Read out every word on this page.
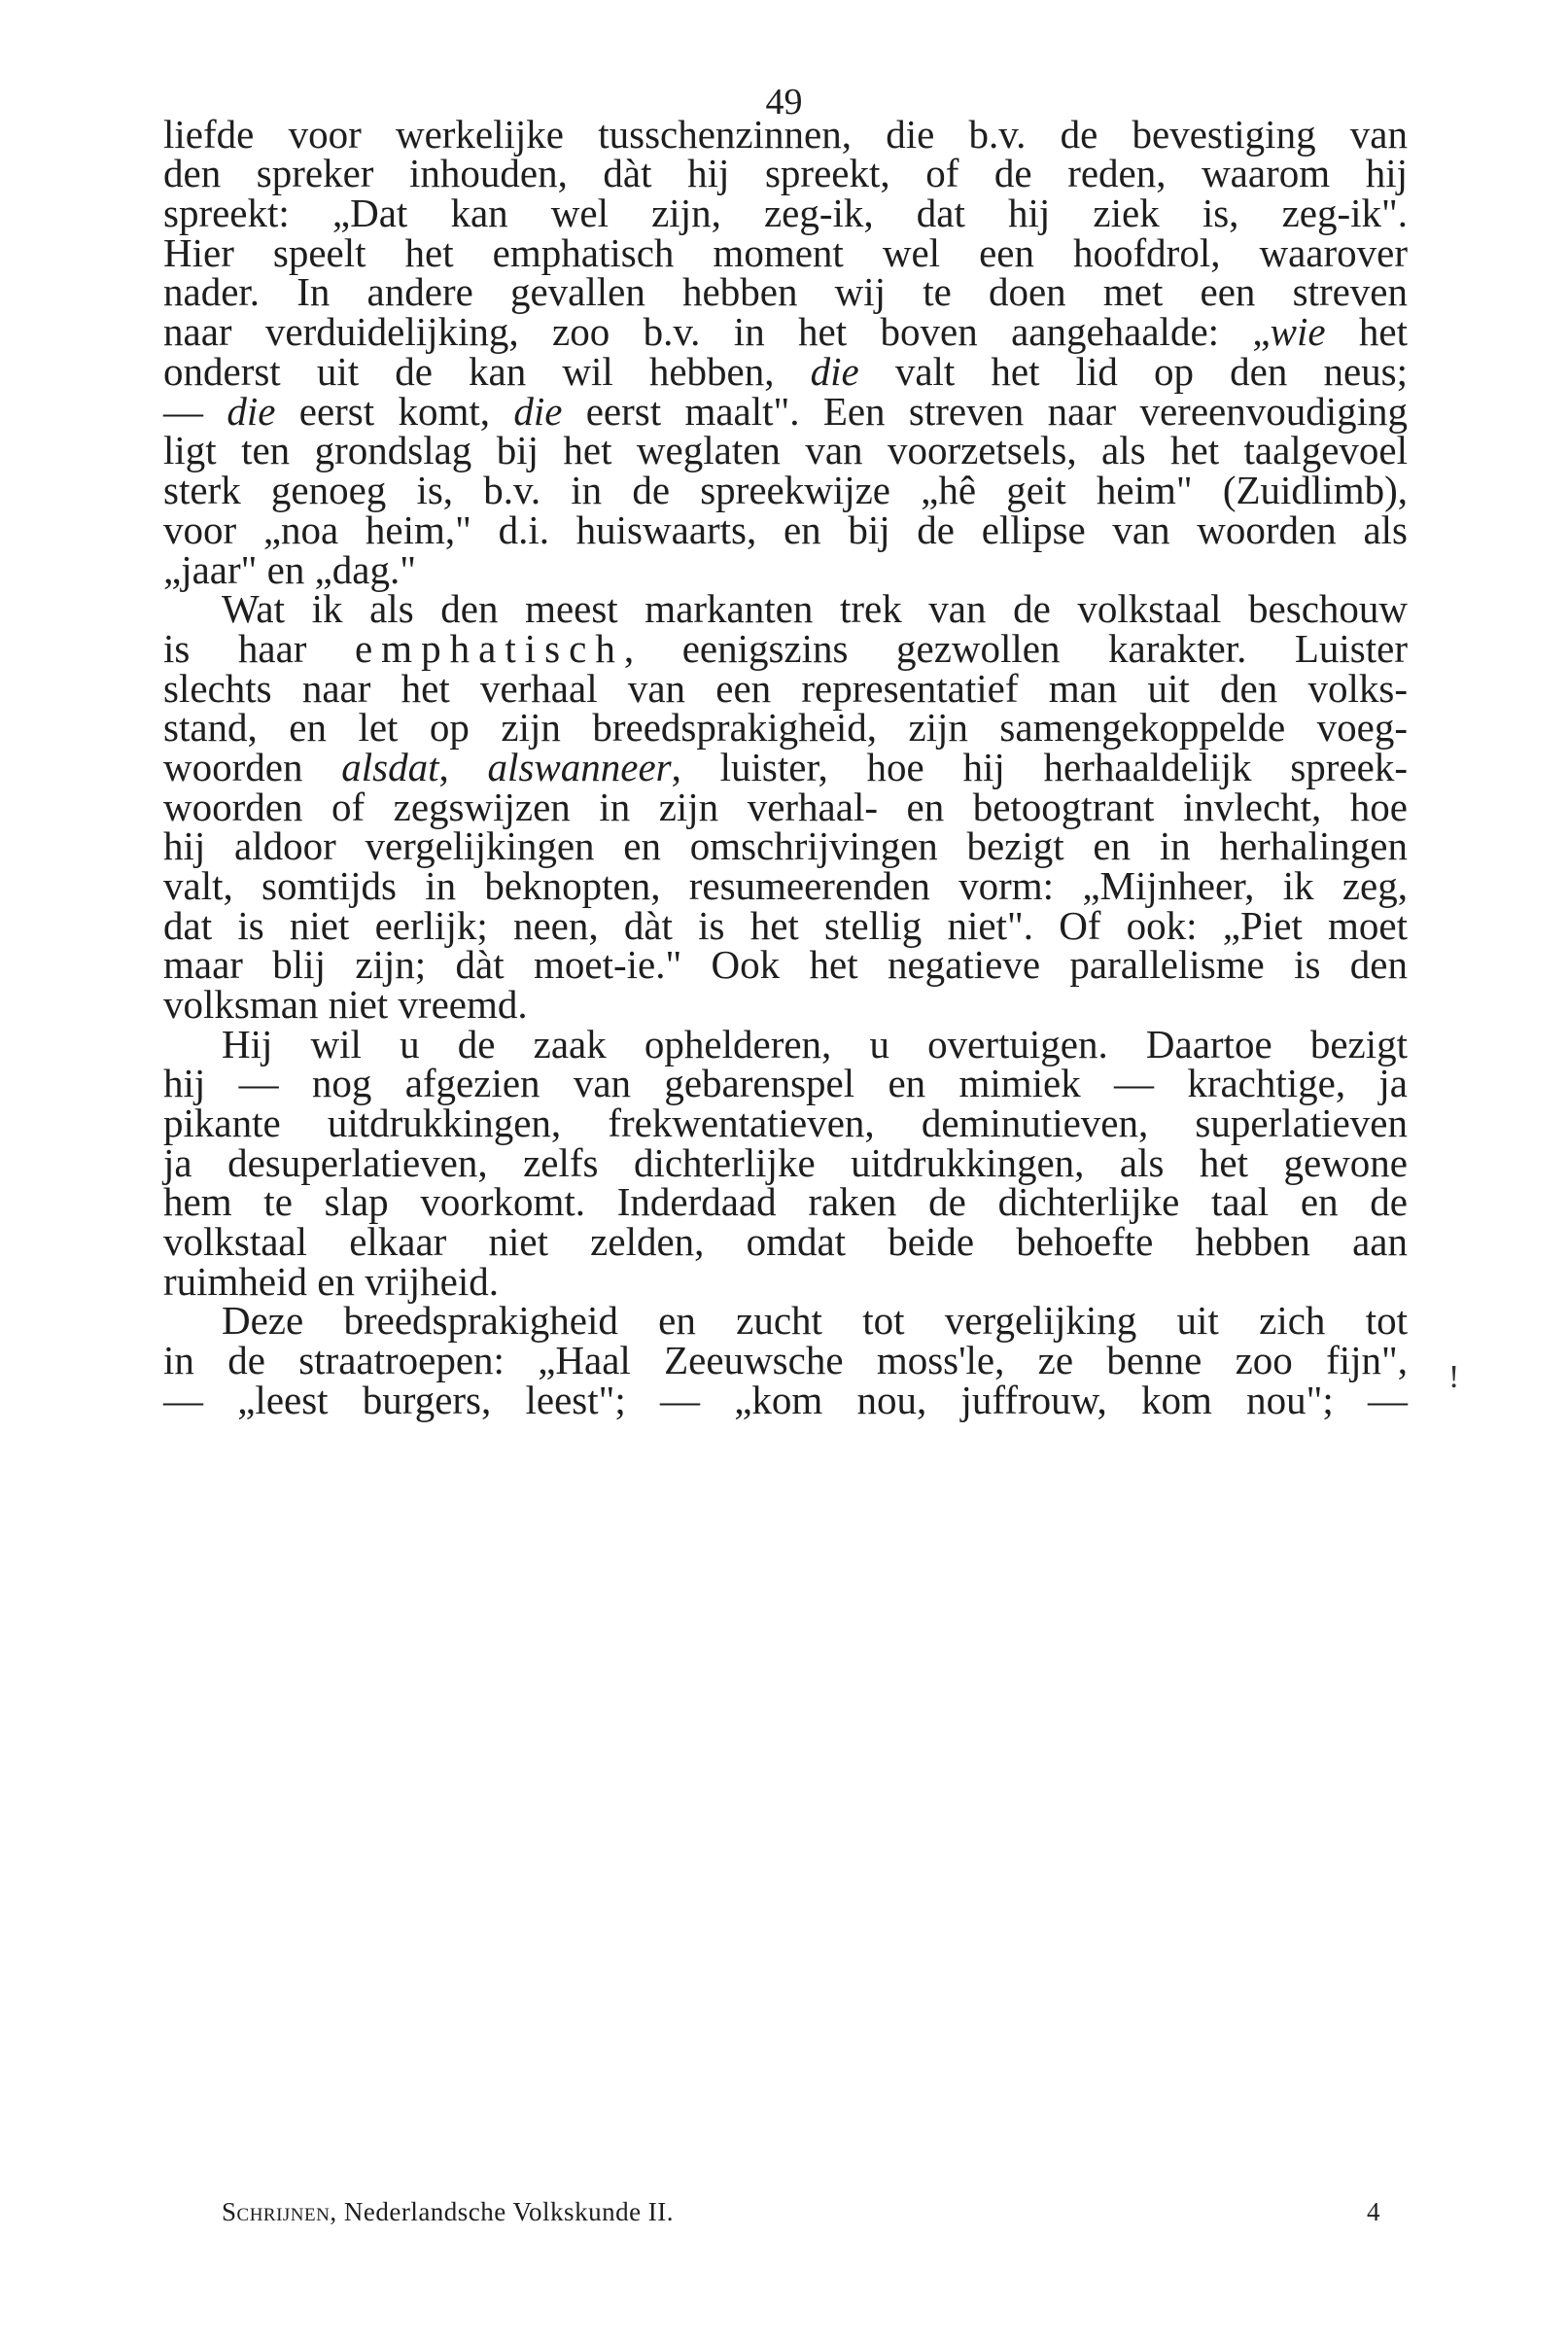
49
liefde voor werkelijke tusschenzinnen, die b.v. de bevestiging van
den spreker inhouden, dàt hij spreekt, of de reden, waarom hij
spreekt: „Dat kan wel zijn, zeg-ik, dat hij ziek is, zeg-ik".
Hier speelt het emphatisch moment wel een hoofdrol, waarover
nader. In andere gevallen hebben wij te doen met een streven
naar verduidelijking, zoo b.v. in het boven aangehaalde: „wie het
onderst uit de kan wil hebben, die valt het lid op den neus;
— die eerst komt, die eerst maalt". Een streven naar vereenvoudiging
ligt ten grondslag bij het weglaten van voorzetsels, als het taalgevoel
sterk genoeg is, b.v. in de spreekwijze „hê geit heim" (Zuidlimb),
voor „noa heim," d.i. huiswaarts, en bij de ellipse van woorden als
„jaar" en „dag."
Wat ik als den meest markanten trek van de volkstaal beschouw
is haar emphatisch, eenigszins gezwollen karakter. Luister
slechts naar het verhaal van een representatief man uit den volks-
stand, en let op zijn breedsprakigheid, zijn samengekoppelde voeg-
woorden alsdat, alswanneer, luister, hoe hij herhaaldelijk spreek-
woorden of zegswijzen in zijn verhaal- en betoogtrant invlecht, hoe
hij aldoor vergelijkingen en omschrijvingen bezigt en in herhalingen
valt, somtijds in beknopten, resumeerenden vorm: „Mijnheer, ik zeg,
dat is niet eerlijk; neen, dàt is het stellig niet". Of ook: „Piet moet
maar blij zijn; dàt moet-ie." Ook het negatieve parallelisme is den
volksman niet vreemd.
Hij wil u de zaak ophelderen, u overtuigen. Daartoe bezigt
hij — nog afgezien van gebarenspel en mimiek — krachtige, ja
pikante uitdrukkingen, frekwentatieven, deminutieven, superlatieven
ja desuperlatieven, zelfs dichterlijke uitdrukkingen, als het gewone
hem te slap voorkomt. Inderdaad raken de dichterlijke taal en de
volkstaal elkaar niet zelden, omdat beide behoefte hebben aan
ruimheid en vrijheid.
Deze breedsprakigheid en zucht tot vergelijking uit zich tot
in de straatroepen: „Haal Zeeuwsche moss'le, ze benne zoo fijn",
— „leest burgers, leest"; — „kom nou, juffrouw, kom nou"; —
!
Schrijnen, Nederlandsche Volkskunde II.	4
